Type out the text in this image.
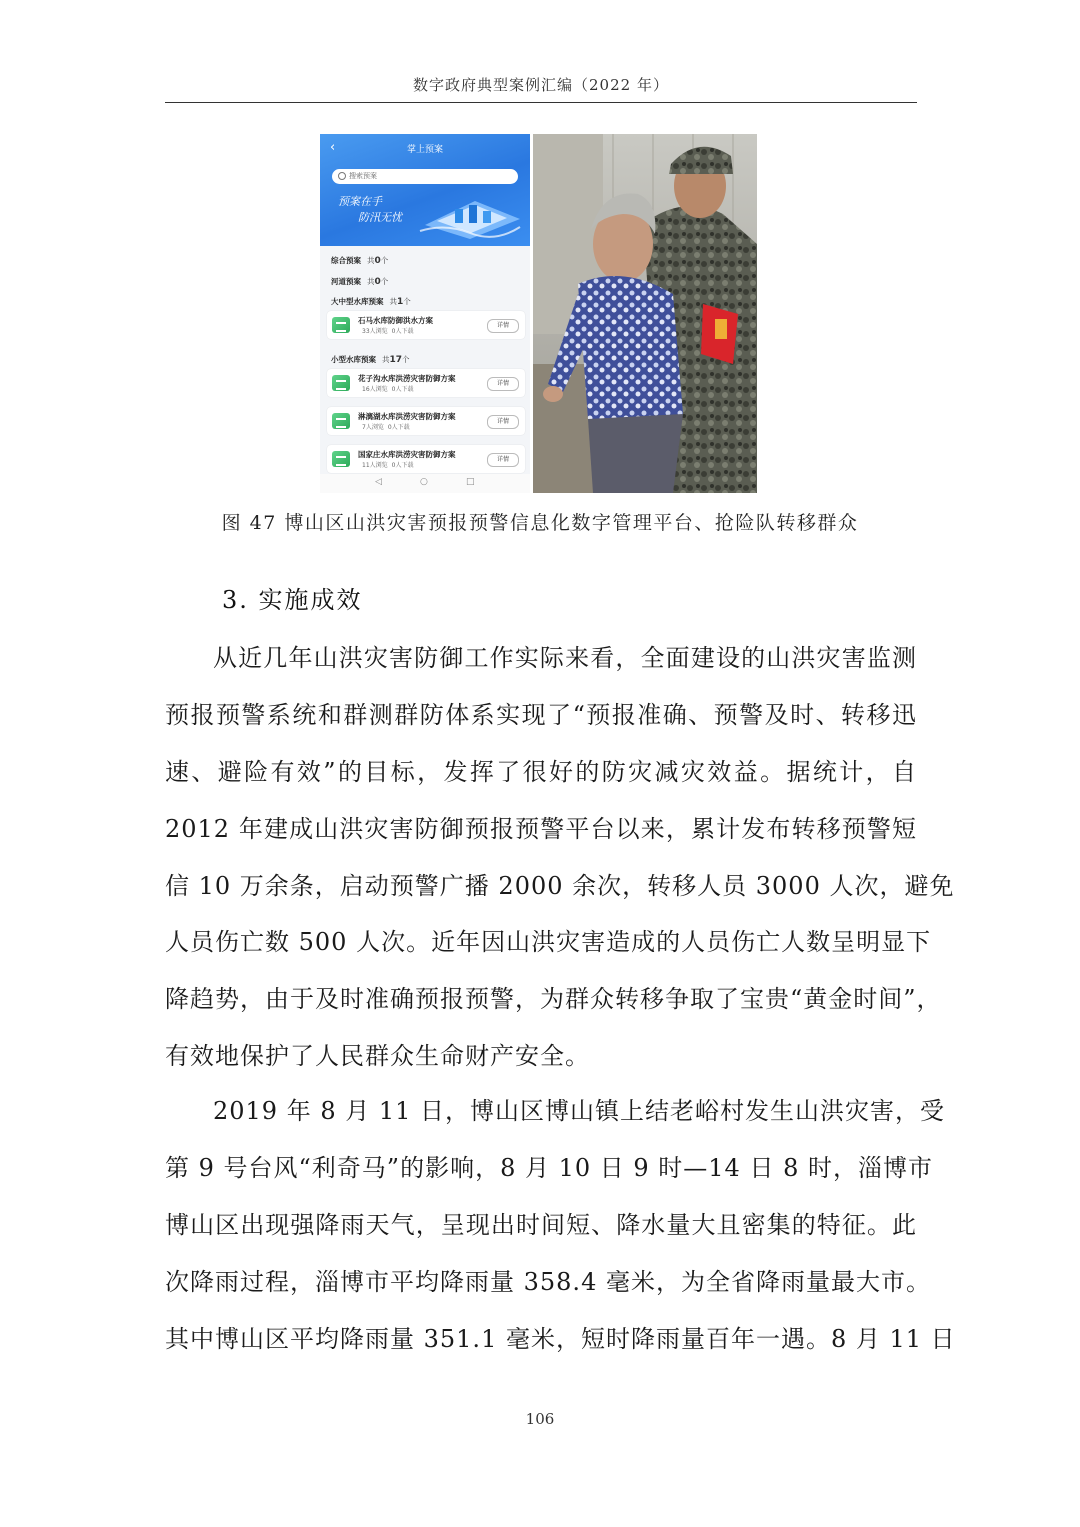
数字政府典型案例汇编（2022 年）
‹	掌上预案
搜索预案
预案在手
防汛无忧
综合预案 共0个
河道预案 共0个
大中型水库预案 共1个
石马水库防御洪水方案
33人浏览 0人下载
详情
小型水库预案 共17个
花子沟水库洪涝灾害防御方案
16人浏览 0人下载
详情
淋漓湖水库洪涝灾害防御方案
7人浏览 0人下载
详情
国家庄水库洪涝灾害防御方案
11人浏览 0人下载
详情
◁	○	□
图 47 博山区山洪灾害预报预警信息化数字管理平台、抢险队转移群众
3. 实施成效
从近几年山洪灾害防御工作实际来看，全面建设的山洪灾害监测
预报预警系统和群测群防体系实现了“预报准确、预警及时、转移迅
速、避险有效”的目标，发挥了很好的防灾减灾效益。据统计，自
2012 年建成山洪灾害防御预报预警平台以来，累计发布转移预警短
信 10 万余条，启动预警广播 2000 余次，转移人员 3000 人次，避免
人员伤亡数 500 人次。近年因山洪灾害造成的人员伤亡人数呈明显下
降趋势，由于及时准确预报预警，为群众转移争取了宝贵“黄金时间”，
有效地保护了人民群众生命财产安全。
2019 年 8 月 11 日，博山区博山镇上结老峪村发生山洪灾害，受
第 9 号台风“利奇马”的影响，8 月 10 日 9 时—14 日 8 时，淄博市
博山区出现强降雨天气，呈现出时间短、降水量大且密集的特征。此
次降雨过程，淄博市平均降雨量 358.4 毫米，为全省降雨量最大市。
其中博山区平均降雨量 351.1 毫米，短时降雨量百年一遇。8 月 11 日
106
